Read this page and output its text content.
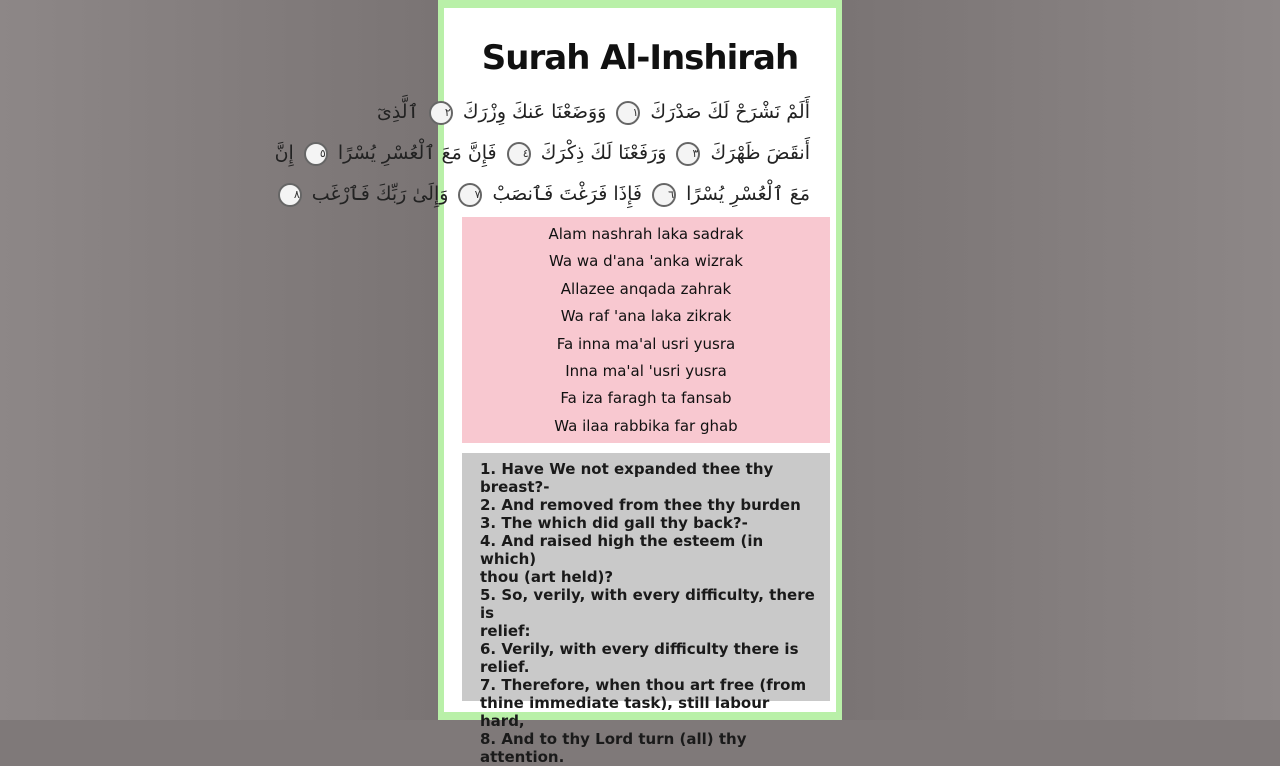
Surah Al-Inshirah
أَلَمْ نَشْرَحْ لَكَ صَدْرَكَ ١ وَوَضَعْنَا عَنكَ وِزْرَكَ ٢ ٱلَّذِىٓ
أَنقَضَ ظَهْرَكَ ٣ وَرَفَعْنَا لَكَ ذِكْرَكَ ٤ فَإِنَّ مَعَ ٱلْعُسْرِ يُسْرًا ٥ إِنَّ
مَعَ ٱلْعُسْرِ يُسْرًا ٦ فَإِذَا فَرَغْتَ فَٱنصَبْ ٧ وَإِلَىٰ رَبِّكَ فَٱرْغَب ٨
Alam nashrah laka sadrak
Wa wa d'ana 'anka wizrak
Allazee anqada zahrak
Wa raf 'ana laka zikrak
Fa inna ma'al usri yusra
Inna ma'al 'usri yusra
Fa iza faragh ta fansab
Wa ilaa rabbika far ghab
1. Have We not expanded thee thy
breast?-
2. And removed from thee thy burden
3. The which did gall thy back?-
4. And raised high the esteem (in which)
thou (art held)?
5. So, verily, with every difficulty, there is
relief:
6. Verily, with every difficulty there is
relief.
7. Therefore, when thou art free (from
thine immediate task), still labour hard,
8. And to thy Lord turn (all) thy attention.
